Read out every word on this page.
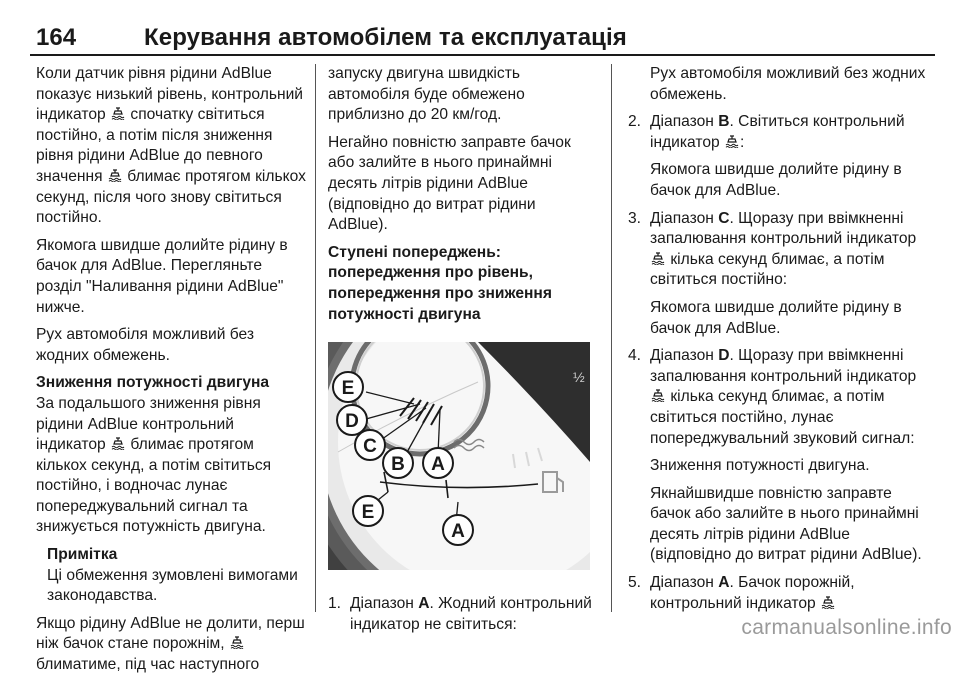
164	Керування автомобілем та експлуатація

Коли датчик рівня рідини AdBlue показує низький рівень, контрольний індикатор спочатку світиться постійно, а потім після зниження рівня рідини AdBlue до певного значення блимає протягом кількох секунд, після чого знову світиться постійно.

Якомога швидше долийте рідину в бачок для AdBlue. Перегляньте розділ "Наливання рідини AdBlue" нижче.

Рух автомобіля можливий без жодних обмежень.

Зниження потужності двигуна

За подальшого зниження рівня рідини AdBlue контрольний індикатор блимає протягом кількох секунд, а потім світиться постійно, і водночас лунає попереджувальний сигнал та знижується потужність двигуна.

Примітка

Ці обмеження зумовлені вимогами законодавства.

Якщо рідину AdBlue не долити, перш ніж бачок стане порожнім,
блиматиме, під час наступного

запуску двигуна швидкість автомобіля буде обмежено приблизно до 20 км/год.

Негайно повністю заправте бачок або залийте в нього принаймні десять літрів рідини AdBlue (відповідно до витрат рідини AdBlue).

Ступені попереджень: попередження про рівень, попередження про зниження потужності двигуна
½
E
D
C
B A
E
A
1. Діапазон A. Жодний контрольний індикатор не світиться:

Рух автомобіля можливий без жодних обмежень.

2. Діапазон B. Світиться контрольний індикатор :
Якомога швидше долийте рідину в бачок для AdBlue.
3. Діапазон C. Щоразу при ввімкненні запалювання контрольний індикатор
кілька секунд блимає, а потім світиться постійно:
Якомога швидше долийте рідину в бачок для AdBlue.
4. Діапазон D. Щоразу при ввімкненні запалювання контрольний індикатор
кілька секунд блимає, а потім світиться постійно, лунає попереджувальний звуковий сигнал:
Зниження потужності двигуна.
Якнайшвидше повністю заправте бачок або залийте в нього принаймні десять літрів рідини AdBlue (відповідно до витрат рідини AdBlue).
5. Діапазон A. Бачок порожній, контрольний індикатор
carmanualsonline.info
